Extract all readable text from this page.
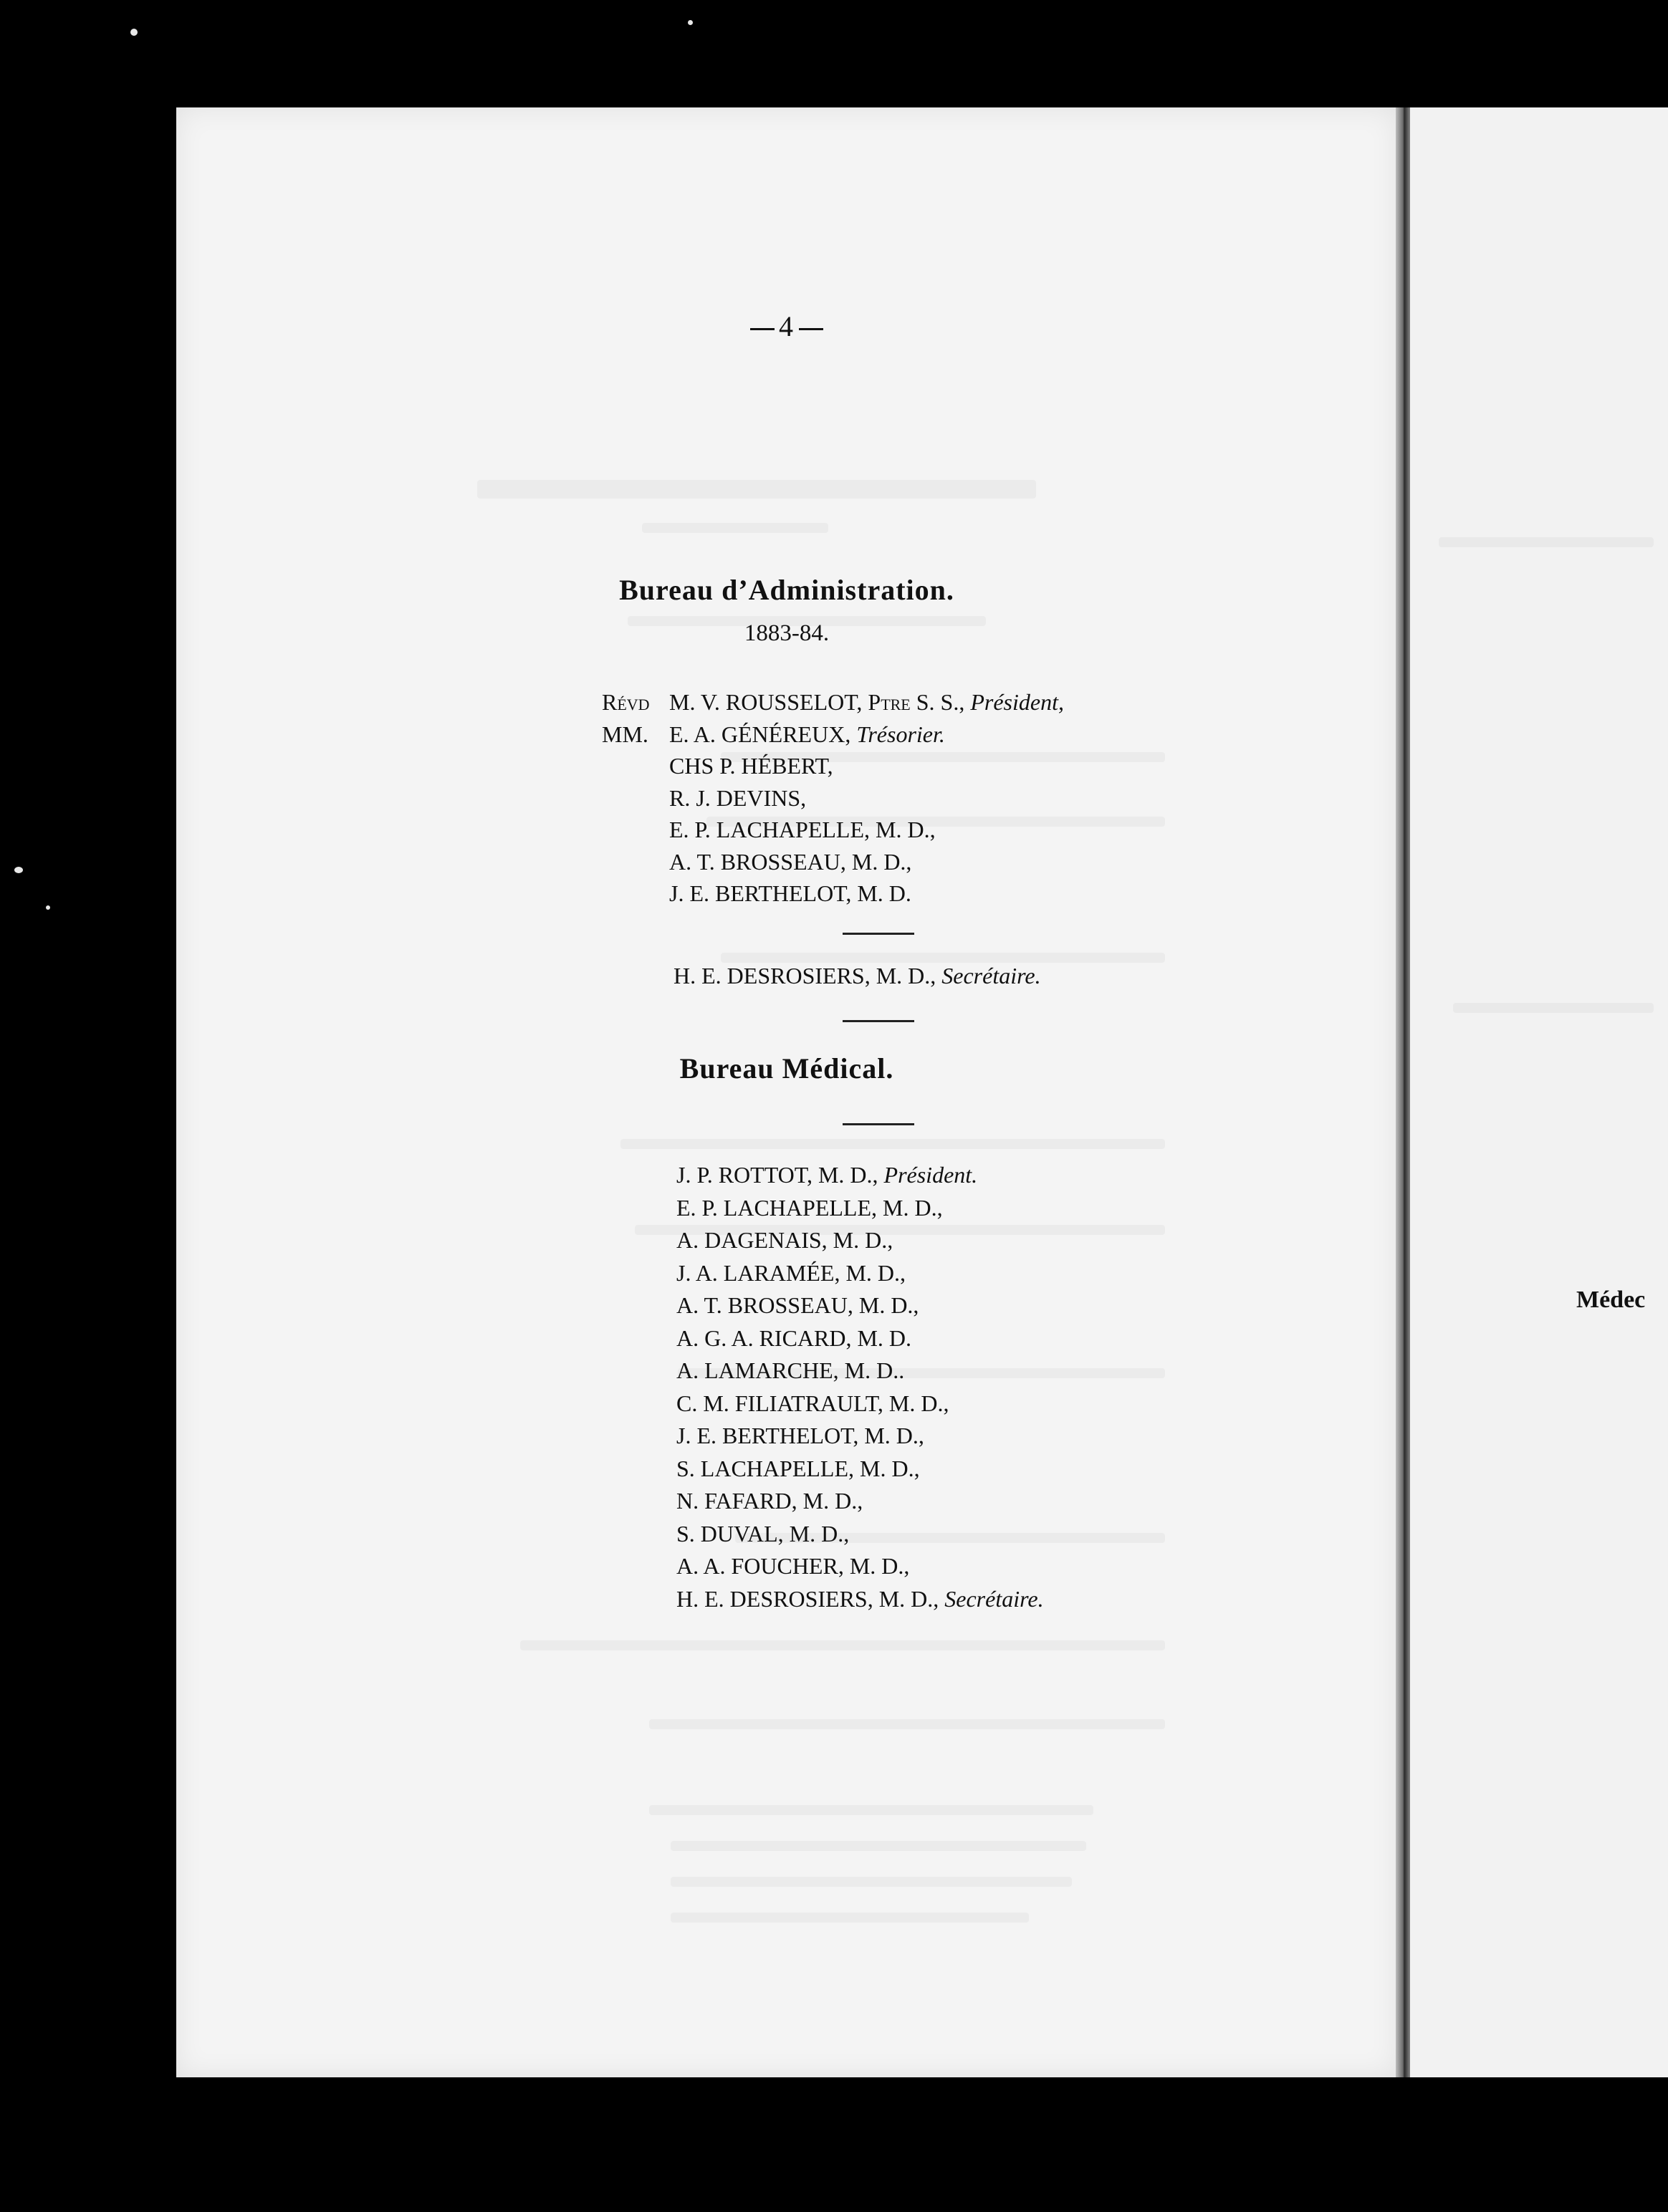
4
Bureau d’Administration.
1883-84.
Révd M. V. ROUSSELOT, Ptre S. S., Président,
MM. E. A. GÉNÉREUX, Trésorier.
CHS P. HÉBERT,
R. J. DEVINS,
E. P. LACHAPELLE, M. D.,
A. T. BROSSEAU, M. D.,
J. E. BERTHELOT, M. D.
H. E. DESROSIERS, M. D., Secrétaire.
Bureau Médical.
J. P. ROTTOT, M. D., Président.
E. P. LACHAPELLE, M. D.,
A. DAGENAIS, M. D.,
J. A. LARAMÉE, M. D.,
A. T. BROSSEAU, M. D.,
A. G. A. RICARD, M. D.
A. LAMARCHE, M. D..
C. M. FILIATRAULT, M. D.,
J. E. BERTHELOT, M. D.,
S. LACHAPELLE, M. D.,
N. FAFARD, M. D.,
S. DUVAL, M. D.,
A. A. FOUCHER, M. D.,
H. E. DESROSIERS, M. D., Secrétaire.
Médec
